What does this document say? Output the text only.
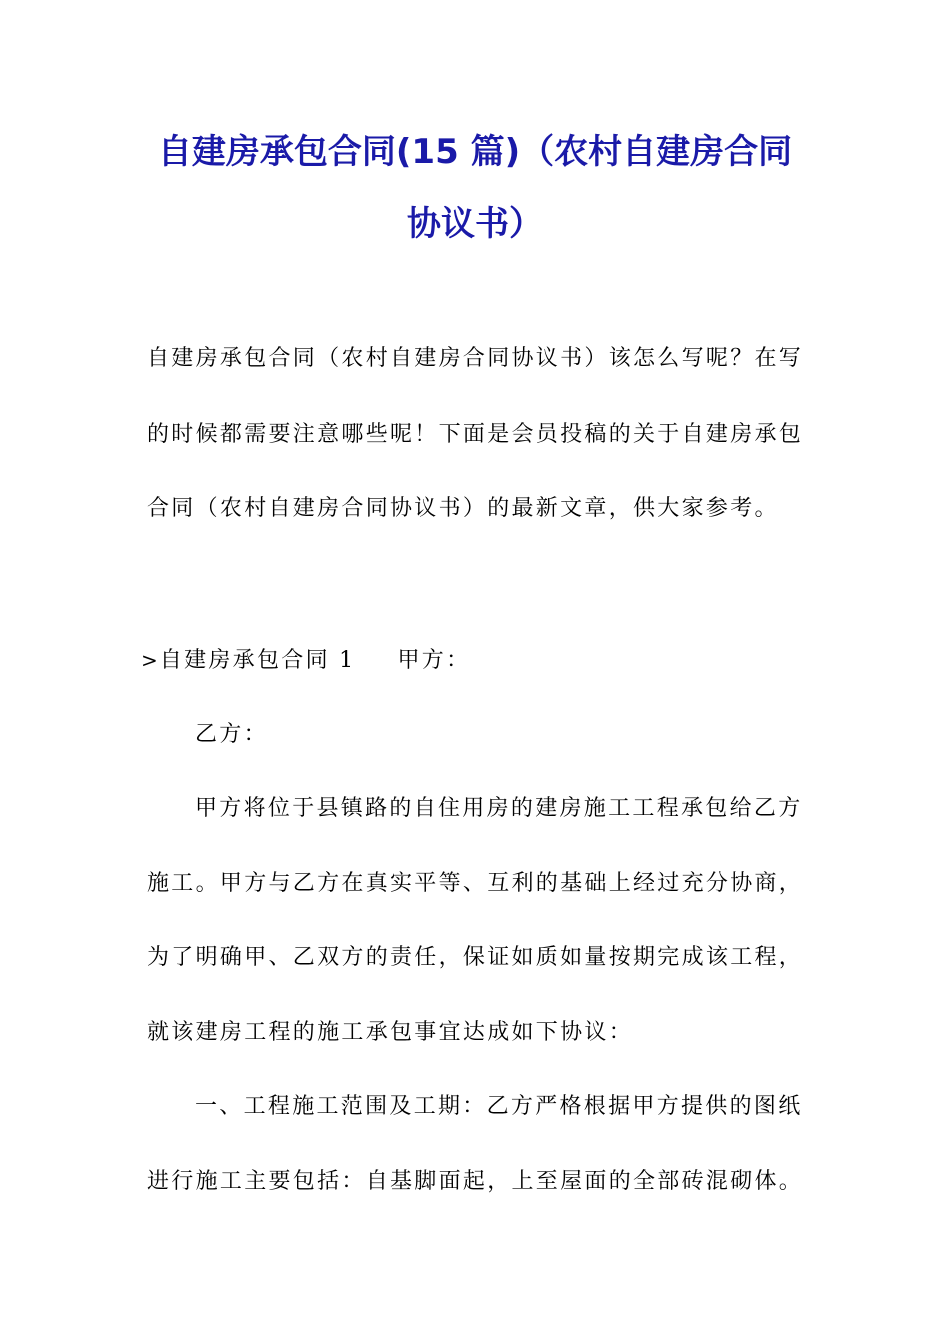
自建房承包合同(15 篇)（农村自建房合同
协议书）
自建房承包合同（农村自建房合同协议书）该怎么写呢？在写
的时候都需要注意哪些呢！下面是会员投稿的关于自建房承包
合同（农村自建房合同协议书）的最新文章，供大家参考。
>自建房承包合同 1 甲方：
乙方：
甲方将位于县镇路的自住用房的建房施工工程承包给乙方
施工。甲方与乙方在真实平等、互利的基础上经过充分协商，
为了明确甲、乙双方的责任，保证如质如量按期完成该工程，
就该建房工程的施工承包事宜达成如下协议：
一、工程施工范围及工期：乙方严格根据甲方提供的图纸
进行施工主要包括：自基脚面起，上至屋面的全部砖混砌体。
